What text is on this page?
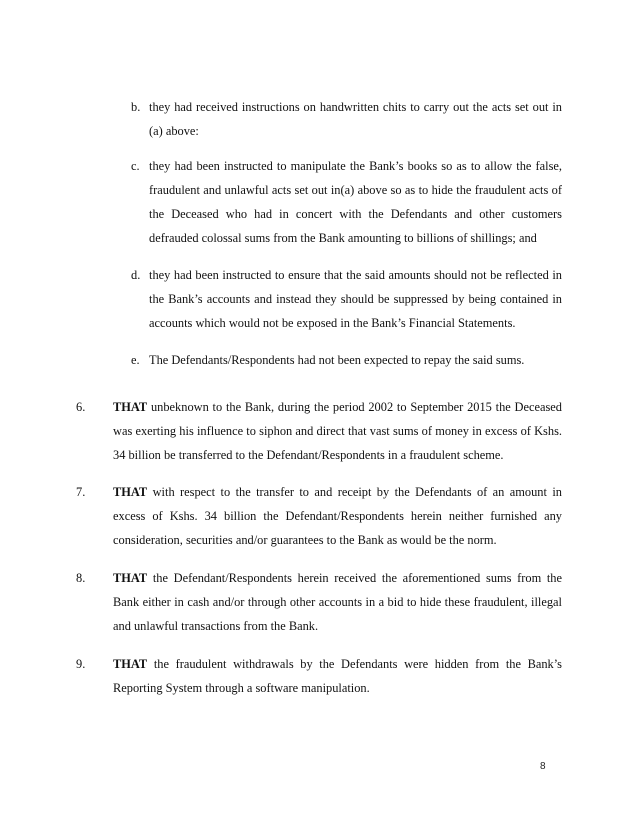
b. they had received instructions on handwritten chits to carry out the acts set out in (a) above:
c. they had been instructed to manipulate the Bank’s books so as to allow the false, fraudulent and unlawful acts set out in(a) above so as to hide the fraudulent acts of the Deceased who had in concert with the Defendants and other customers defrauded colossal sums from the Bank amounting to billions of shillings; and
d. they had been instructed to ensure that the said amounts should not be reflected in the Bank’s accounts and instead they should be suppressed by being contained in accounts which would not be exposed in the Bank’s Financial Statements.
e. The Defendants/Respondents had not been expected to repay the said sums.
6. THAT unbeknown to the Bank, during the period 2002 to September 2015 the Deceased was exerting his influence to siphon and direct that vast sums of money in excess of Kshs. 34 billion be transferred to the Defendant/Respondents in a fraudulent scheme.
7. THAT with respect to the transfer to and receipt by the Defendants of an amount in excess of Kshs. 34 billion the Defendant/Respondents herein neither furnished any consideration, securities and/or guarantees to the Bank as would be the norm.
8. THAT the Defendant/Respondents herein received the aforementioned sums from the Bank either in cash and/or through other accounts in a bid to hide these fraudulent, illegal and unlawful transactions from the Bank.
9. THAT the fraudulent withdrawals by the Defendants were hidden from the Bank’s Reporting System through a software manipulation.
8
